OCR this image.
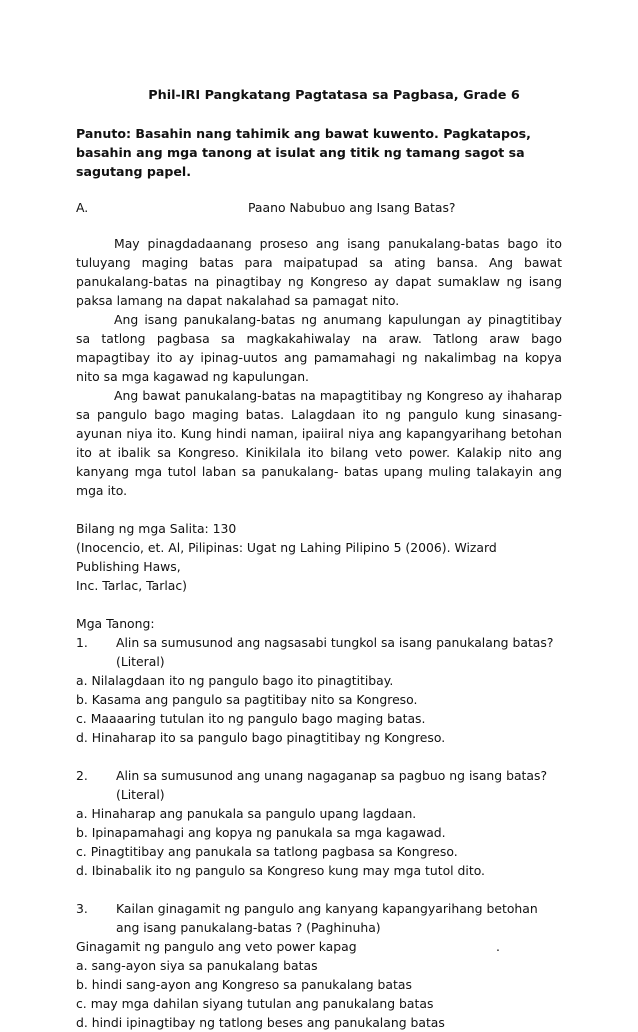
Phil-IRI Pangkatang Pagtatasa sa Pagbasa, Grade 6

Panuto: Basahin nang tahimik ang bawat kuwento. Pagkatapos, basahin ang mga tanong at isulat ang titik ng tamang sagot sa sagutang papel.

A.	Paano Nabubuo ang Isang Batas?

May pinagdadaanang proseso ang isang panukalang-batas bago ito tuluyang maging batas para maipatupad sa ating bansa. Ang bawat panukalang-batas na pinagtibay ng Kongreso ay dapat sumaklaw ng isang paksa lamang na dapat nakalahad sa pamagat nito.

Ang isang panukalang-batas ng anumang kapulungan ay pinagtitibay sa tatlong pagbasa sa magkakahiwalay na araw. Tatlong araw bago mapagtibay ito ay ipinag-uutos ang pamamahagi ng nakalimbag na kopya nito sa mga kagawad ng kapulungan.

Ang bawat panukalang-batas na mapagtitibay ng Kongreso ay ihaharap sa pangulo bago maging batas. Lalagdaan ito ng pangulo kung sinasang-ayunan niya ito. Kung hindi naman, ipaiiral niya ang kapangyarihang betohan ito at ibalik sa Kongreso. Kinikilala ito bilang veto power. Kalakip nito ang kanyang mga tutol laban sa panukalang- batas upang muling talakayin ang mga ito.

Bilang ng mga Salita: 130

(Inocencio, et. Al, Pilipinas: Ugat ng Lahing Pilipino 5 (2006). Wizard Publishing Haws,

Inc. Tarlac, Tarlac)

Mga Tanong:

1.	Alin sa sumusunod ang nagsasabi tungkol sa isang panukalang batas? (Literal)

a. Nilalagdaan ito ng pangulo bago ito pinagtitibay.

b. Kasama ang pangulo sa pagtitibay nito sa Kongreso.

c. Maaaaring tutulan ito ng pangulo bago maging batas.

d. Hinaharap ito sa pangulo bago pinagtitibay ng Kongreso.

2.	Alin sa sumusunod ang unang nagaganap sa pagbuo ng isang batas? (Literal)

a. Hinaharap ang panukala sa pangulo upang lagdaan.

b. Ipinapamahagi ang kopya ng panukala sa mga kagawad.

c. Pinagtitibay ang panukala sa tatlong pagbasa sa Kongreso.

d. Ibinabalik ito ng pangulo sa Kongreso kung may mga tutol dito.

3.	Kailan ginagamit ng pangulo ang kanyang kapangyarihang betohan ang isang panukalang-batas ? (Paghinuha)
Ginagamit ng pangulo ang veto power kapag	.

a. sang-ayon siya sa panukalang batas

b. hindi sang-ayon ang Kongreso sa panukalang batas

c. may mga dahilan siyang tutulan ang panukalang batas

d. hindi ipinagtibay ng tatlong beses ang panukalang batas
